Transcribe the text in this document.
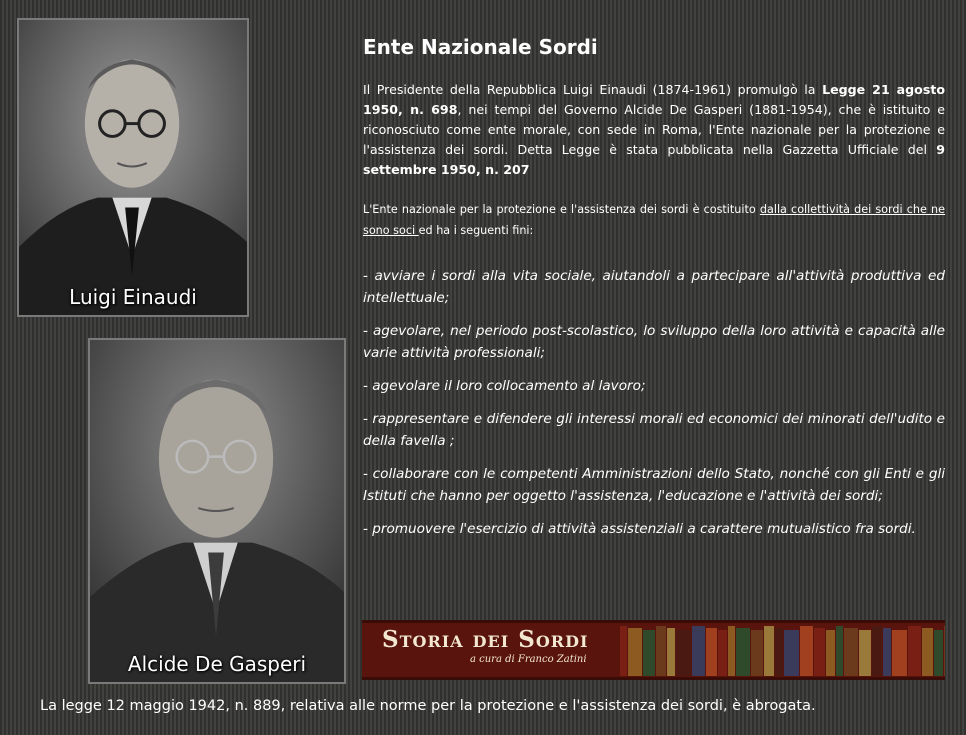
Luigi Einaudi
Alcide De Gasperi
Ente Nazionale Sordi

Il Presidente della Repubblica Luigi Einaudi (1874-1961) promulgò la Legge 21 agosto 1950, n. 698, nei tempi del Governo Alcide De Gasperi (1881-1954), che è istituito e riconosciuto come ente morale, con sede in Roma, l'Ente nazionale per la protezione e l'assistenza dei sordi. Detta Legge è stata pubblicata nella Gazzetta Ufficiale del 9 settembre 1950, n. 207

L'Ente nazionale per la protezione e l'assistenza dei sordi è costituito dalla collettività dei sordi che ne sono soci ed ha i seguenti fini:

- avviare i sordi alla vita sociale, aiutandoli a partecipare all'attività produttiva ed intellettuale;
- agevolare, nel periodo post-scolastico, lo sviluppo della loro attività e capacità alle varie attività professionali;
- agevolare il loro collocamento al lavoro;
- rappresentare e difendere gli interessi morali ed economici dei minorati dell'udito e della favella ;
- collaborare con le competenti Amministrazioni dello Stato, nonché con gli Enti e gli Istituti che hanno per oggetto l'assistenza, l'educazione e l'attività dei sordi;
- promuovere l'esercizio di attività assistenziali a carattere mutualistico fra sordi.
Storia dei Sordi
a cura di Franco Zatini

La legge 12 maggio 1942, n. 889, relativa alle norme per la protezione e l'assistenza dei sordi, è abrogata.
